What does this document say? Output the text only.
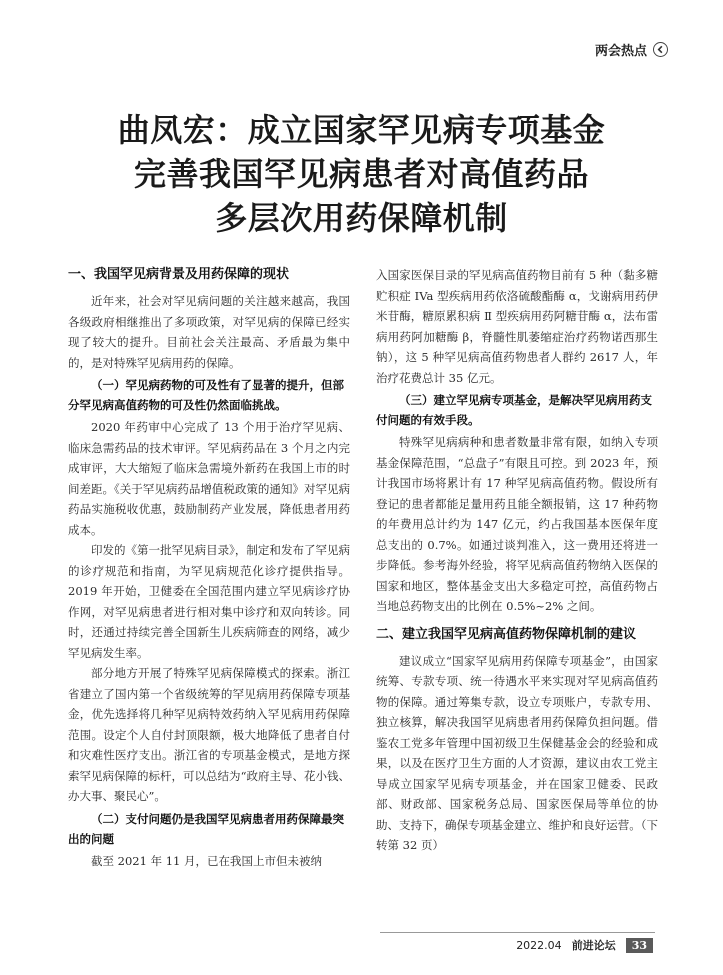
两会热点
曲凤宏：成立国家罕见病专项基金
完善我国罕见病患者对高值药品
多层次用药保障机制
一、我国罕见病背景及用药保障的现状

近年来，社会对罕见病问题的关注越来越高，我国各级政府相继推出了多项政策，对罕见病的保障已经实现了较大的提升。目前社会关注最高、矛盾最为集中的，是对特殊罕见病用药的保障。

（一）罕见病药物的可及性有了显著的提升，但部分罕见病高值药物的可及性仍然面临挑战。

2020 年药审中心完成了 13 个用于治疗罕见病、临床急需药品的技术审评。罕见病药品在 3 个月之内完成审评，大大缩短了临床急需境外新药在我国上市的时间差距。《关于罕见病药品增值税政策的通知》对罕见病药品实施税收优惠，鼓励制药产业发展，降低患者用药成本。

印发的《第一批罕见病目录》，制定和发布了罕见病的诊疗规范和指南，为罕见病规范化诊疗提供指导。2019 年开始，卫健委在全国范围内建立罕见病诊疗协作网，对罕见病患者进行相对集中诊疗和双向转诊。同时，还通过持续完善全国新生儿疾病筛查的网络，减少罕见病发生率。

部分地方开展了特殊罕见病保障模式的探索。浙江省建立了国内第一个省级统筹的罕见病用药保障专项基金，优先选择将几种罕见病特效药纳入罕见病用药保障范围。设定个人自付封顶限额，极大地降低了患者自付和灾难性医疗支出。浙江省的专项基金模式，是地方探索罕见病保障的标杆，可以总结为“政府主导、花小钱、办大事、聚民心”。

（二）支付问题仍是我国罕见病患者用药保障最突出的问题

截至 2021 年 11 月，已在我国上市但未被纳

入国家医保目录的罕见病高值药物目前有 5 种（黏多糖贮积症 IVa 型疾病用药依洛硫酸酯酶 α，戈谢病用药伊米苷酶，糖原累积病 Ⅱ 型疾病用药阿糖苷酶 α，法布雷病用药阿加糖酶 β，脊髓性肌萎缩症治疗药物诺西那生钠），这 5 种罕见病高值药物患者人群约 2617 人，年治疗花费总计 35 亿元。

（三）建立罕见病专项基金，是解决罕见病用药支付问题的有效手段。

特殊罕见病病种和患者数量非常有限，如纳入专项基金保障范围，“总盘子”有限且可控。到 2023 年，预计我国市场将累计有 17 种罕见病高值药物。假设所有登记的患者都能足量用药且能全额报销，这 17 种药物的年费用总计约为 147 亿元，约占我国基本医保年度总支出的 0.7%。如通过谈判准入，这一费用还将进一步降低。参考海外经验，将罕见病高值药物纳入医保的国家和地区，整体基金支出大多稳定可控，高值药物占当地总药物支出的比例在 0.5%~2% 之间。

二、建立我国罕见病高值药物保障机制的建议

建议成立“国家罕见病用药保障专项基金”，由国家统筹、专款专项、统一待遇水平来实现对罕见病高值药物的保障。通过筹集专款，设立专项账户，专款专用、独立核算，解决我国罕见病患者用药保障负担问题。借鉴农工党多年管理中国初级卫生保健基金会的经验和成果，以及在医疗卫生方面的人才资源，建议由农工党主导成立国家罕见病专项基金，并在国家卫健委、民政部、财政部、国家税务总局、国家医保局等单位的协助、支持下，确保专项基金建立、维护和良好运营。（下转第 32 页）

2022.04 前进论坛	33
